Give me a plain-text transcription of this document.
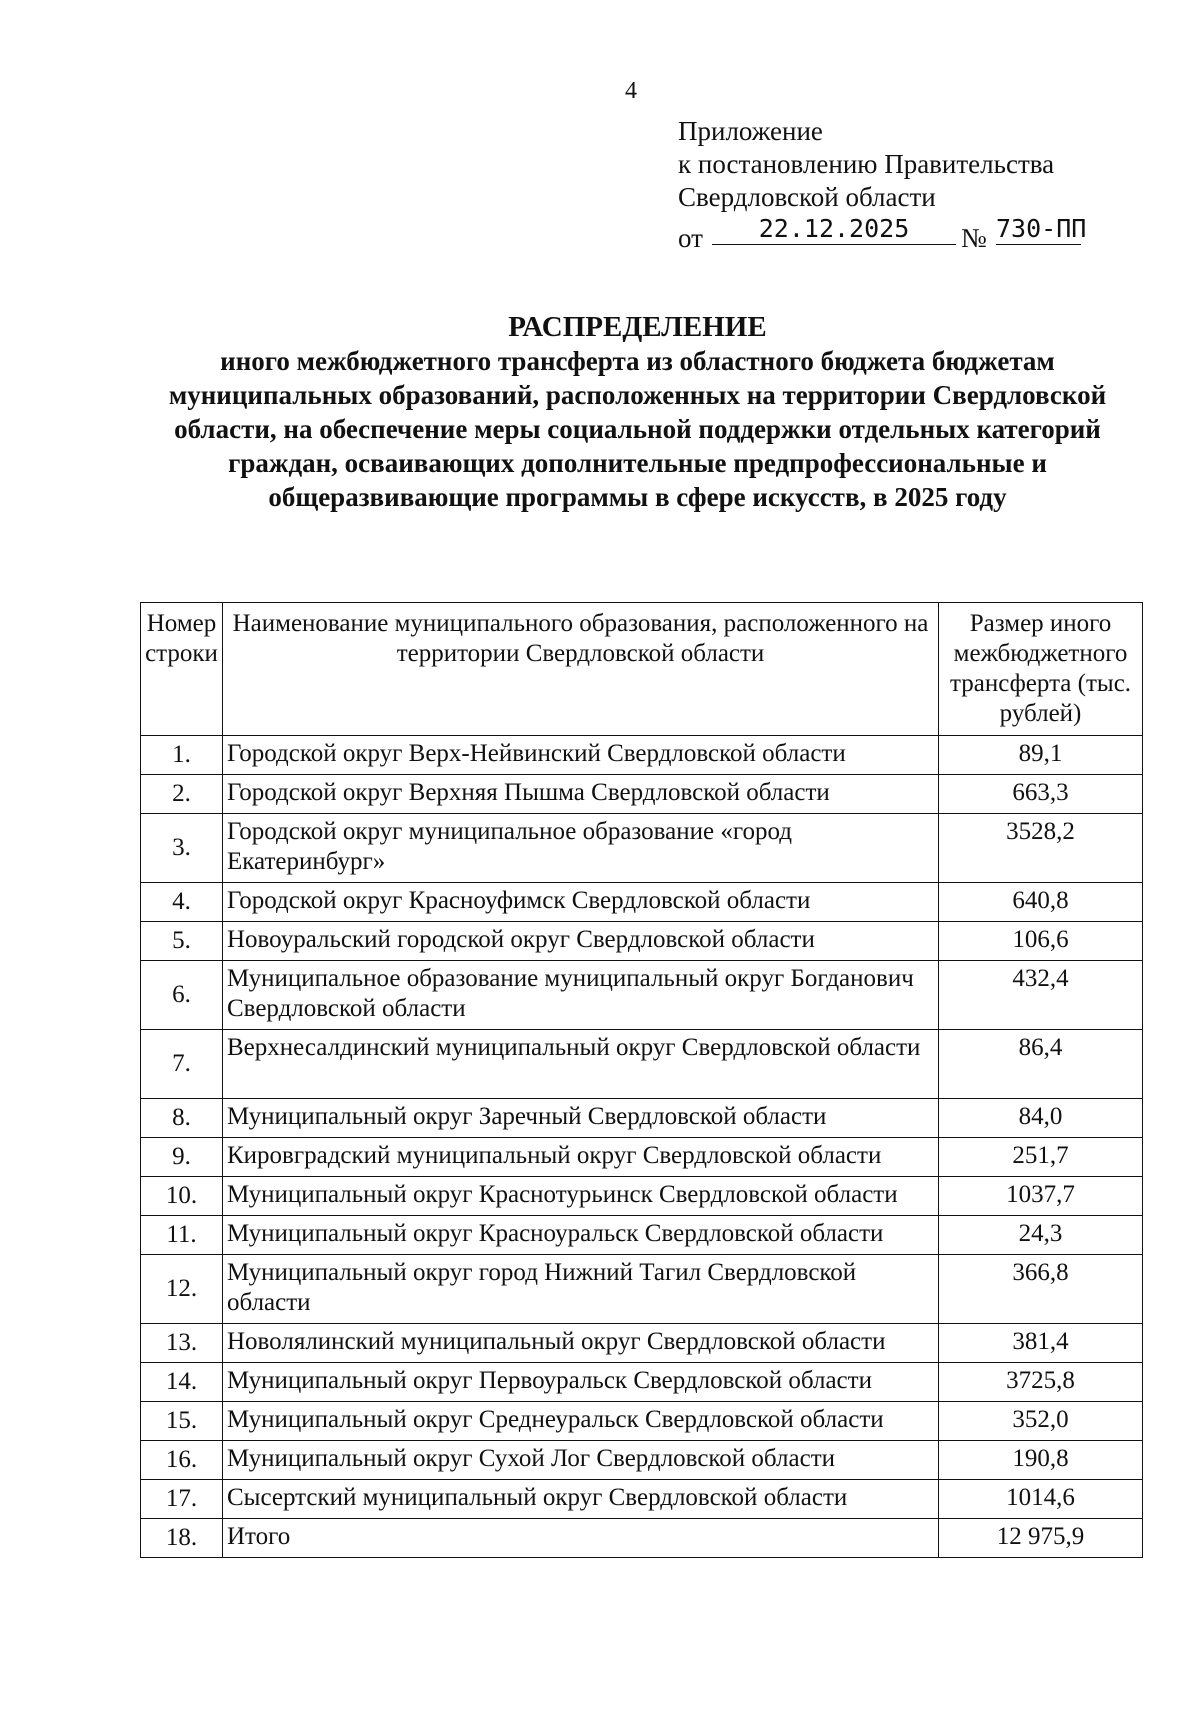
4
Приложение
к постановлению Правительства
Свердловской области
от	22.12.2025	№ 730-ПП
РАСПРЕДЕЛЕНИЕ
иного межбюджетного трансферта из областного бюджета бюджетам муниципальных образований, расположенных на территории Свердловской области, на обеспечение меры социальной поддержки отдельных категорий граждан, осваивающих дополнительные предпрофессиональные и общеразвивающие программы в сфере искусств, в 2025 году
Номер строки	Наименование муниципального образования, расположенного на территории Свердловской области	Размер иного межбюджетного трансферта (тыс. рублей)
1.	Городской округ Верх-Нейвинский Свердловской области	89,1
2.	Городской округ Верхняя Пышма Свердловской области	663,3
3.	Городской округ муниципальное образование «город Екатеринбург»	3528,2
4.	Городской округ Красноуфимск Свердловской области	640,8
5.	Новоуральский городской округ Свердловской области	106,6
6.	Муниципальное образование муниципальный округ Богданович Свердловской области	432,4
7.	Верхнесалдинский муниципальный округ Свердловской области	86,4
8.	Муниципальный округ Заречный Свердловской области	84,0
9.	Кировградский муниципальный округ Свердловской области	251,7
10.	Муниципальный округ Краснотурьинск Свердловской области	1037,7
11.	Муниципальный округ Красноуральск Свердловской области	24,3
12.	Муниципальный округ город Нижний Тагил Свердловской области	366,8
13.	Новолялинский муниципальный округ Свердловской области	381,4
14.	Муниципальный округ Первоуральск Свердловской области	3725,8
15.	Муниципальный округ Среднеуральск Свердловской области	352,0
16.	Муниципальный округ Сухой Лог Свердловской области	190,8
17.	Сысертский муниципальный округ Свердловской области	1014,6
18.	Итого	12 975,9
